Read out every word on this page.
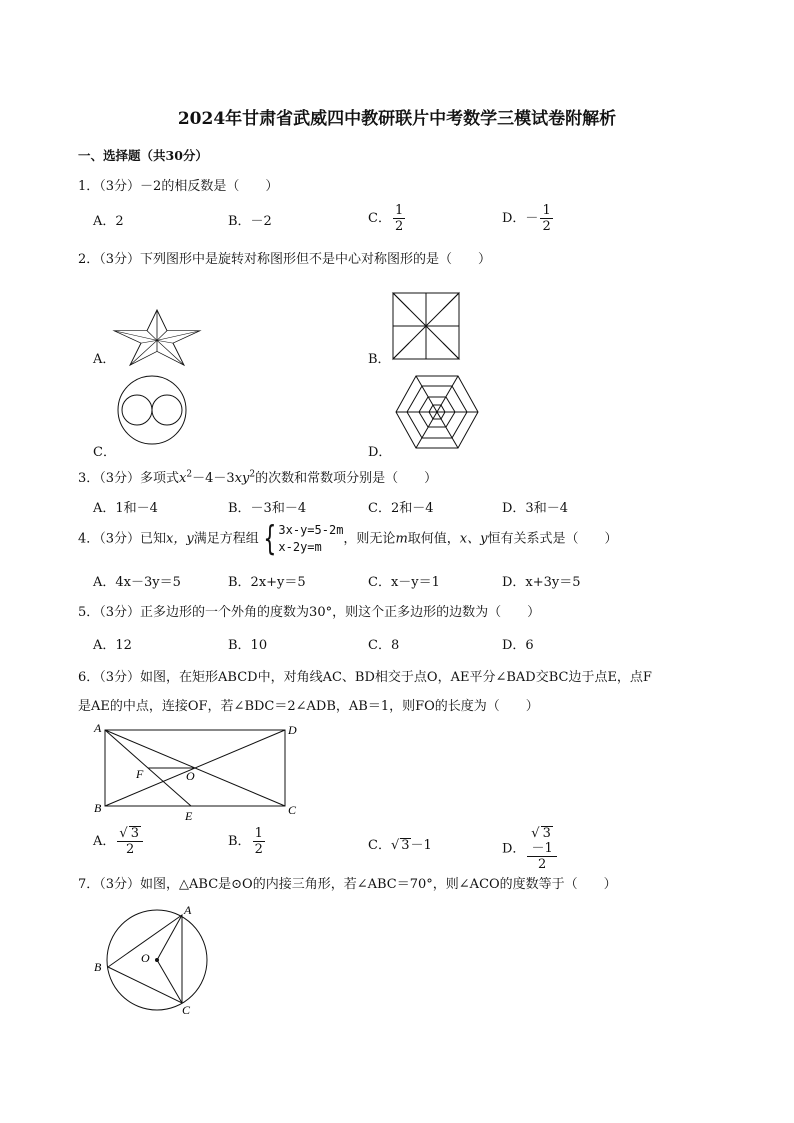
2024年甘肃省武威四中教研联片中考数学三模试卷附解析
一、选择题（共30分）
1．（3分）－2的相反数是（　　）
A．2	B．－2	C． $\frac{1}{2}$	D．－ $\frac{1}{2}$
2．（3分）下列图形中是旋转对称图形但不是中心对称图形的是（　　）
A．	B．
C．	D．
3．（3分）多项式$x^2-4-3xy^2$的次数和常数项分别是（　　）
A．1和－4	B．－3和－4	C．2和－4	D．3和－4
4．（3分）已知x，y满足方程组 { 3x-y=5-2m
x-2y=m
，则无论m取何值，x、y恒有关系式是（　　）
A．4x－3y＝5	B．2x+y＝5	C．x－y＝1	D．x+3y＝5
5．（3分）正多边形的一个外角的度数为30°，则这个正多边形的边数为（　　）
A．12	B．10	C．8	D．6
6．（3分）如图，在矩形ABCD中，对角线AC、BD相交于点O，AE平分∠BAD交BC边于点E，点F
是AE的中点，连接OF，若∠BDC＝2∠ADB，AB＝1，则FO的长度为（　　）
A	D
B	C
E
F	O
A． $\frac{√ 3}{2}$	B． $\frac{1}{2}$	C．√ 3－1	D． √ 3
－1
2
7．（3分）如图，△ABC是⊙O的内接三角形，若∠ABC＝70°，则∠ACO的度数等于（　　）
A
B
C
O
